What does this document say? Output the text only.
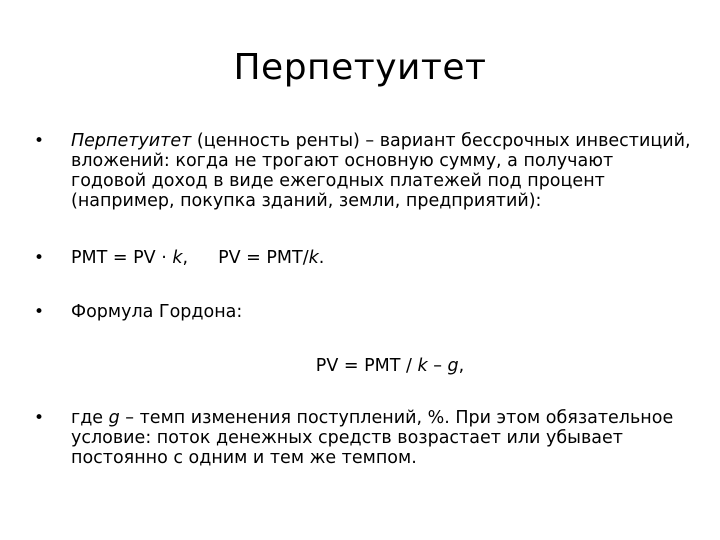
Перпетуитет
•	Перпетуитет (ценность ренты) – вариант бессрочных инвестиций, вложений: когда не трогают основную сумму, а получают годовой доход в виде ежегодных платежей под процент (например, покупка зданий, земли, предприятий):
•	PMT = PV · k, PV = PMT/k.
•	Формула Гордона:
PV = PMT / k – g,
•	где g – темп изменения поступлений, %. При этом обязательное условие: поток денежных средств возрастает или убывает постоянно с одним и тем же темпом.
